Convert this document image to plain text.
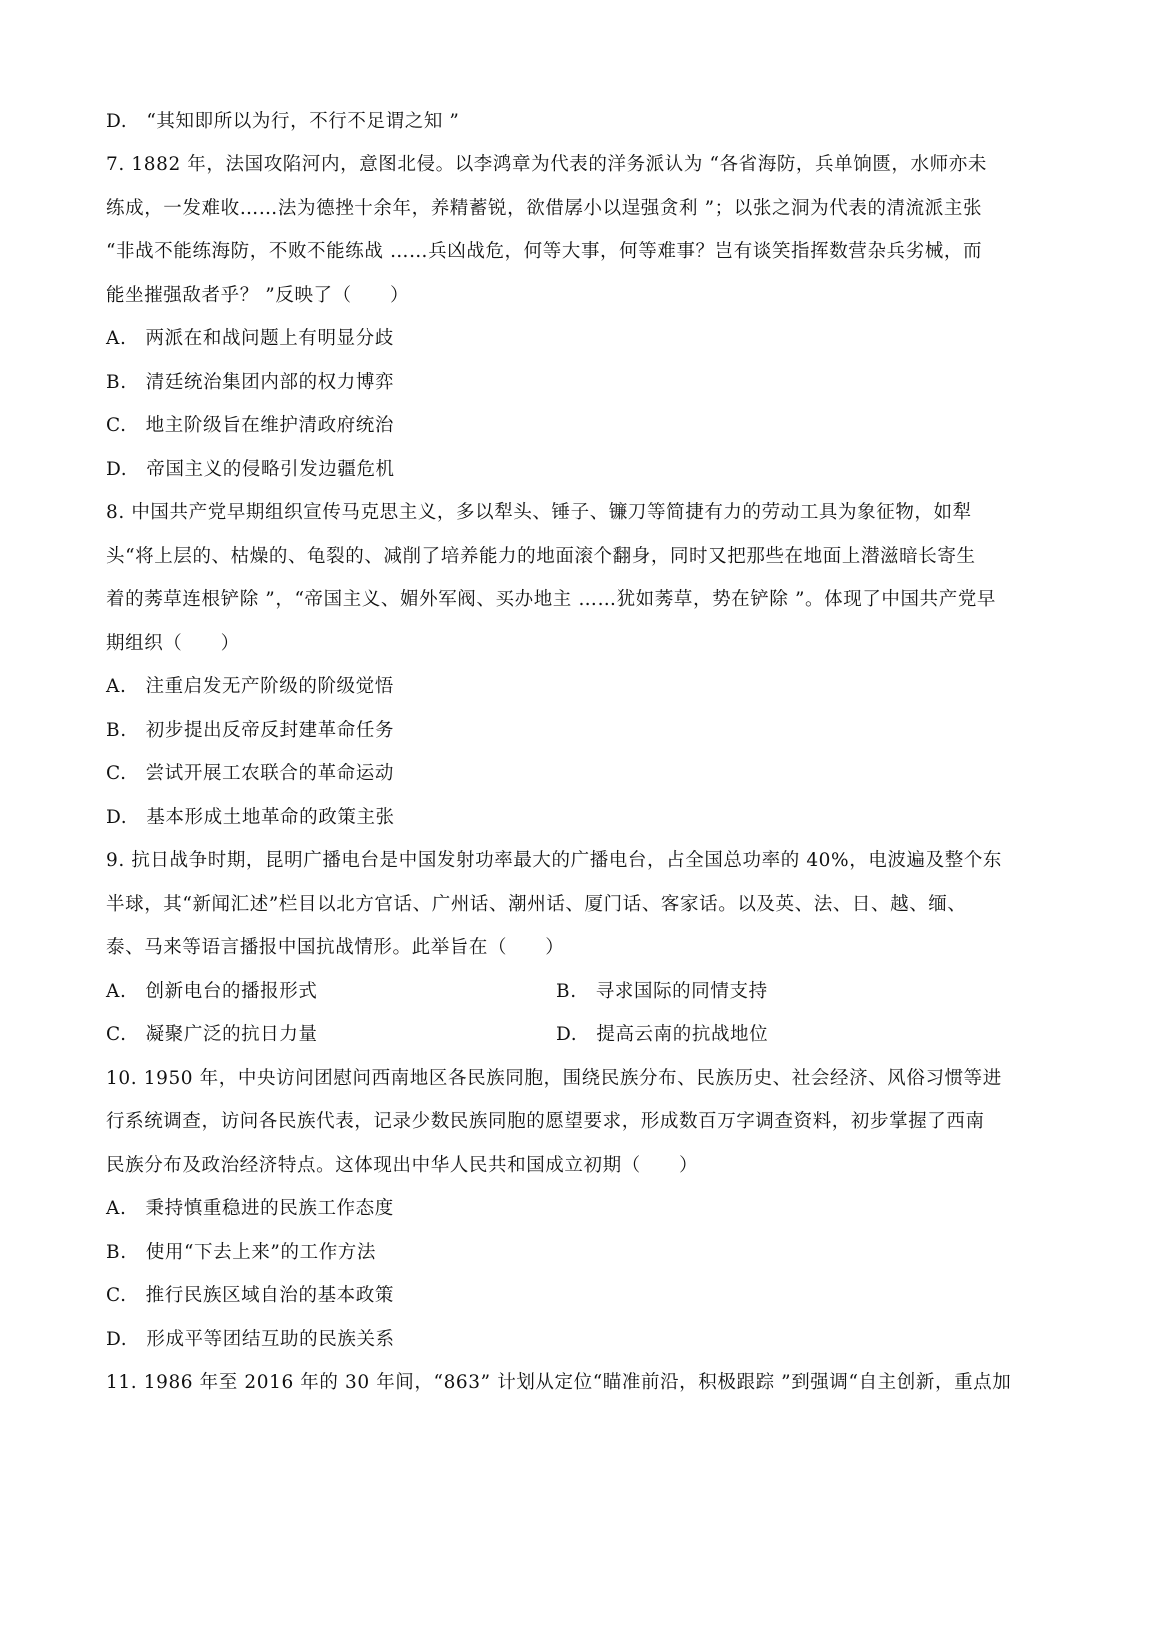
D.　“其知即所以为行，不行不足谓之知 ”
7. 1882 年，法国攻陷河内，意图北侵。以李鸿章为代表的洋务派认为 “各省海防，兵单饷匮，水师亦未
练成，一发难收……法为德挫十余年，养精蓄锐，欲借孱小以逞强贪利 ”；以张之洞为代表的清流派主张
“非战不能练海防，不败不能练战 ……兵凶战危，何等大事，何等难事？岂有谈笑指挥数营杂兵劣械，而
能坐摧强敌者乎？ ”反映了（　　）
A.　两派在和战问题上有明显分歧
B.　清廷统治集团内部的权力博弈
C.　地主阶级旨在维护清政府统治
D.　帝国主义的侵略引发边疆危机
8. 中国共产党早期组织宣传马克思主义，多以犁头、锤子、镰刀等简捷有力的劳动工具为象征物，如犁
头“将上层的、枯燥的、龟裂的、减削了培养能力的地面滚个翻身，同时又把那些在地面上潜滋暗长寄生
着的莠草连根铲除 ”，“帝国主义、媚外军阀、买办地主 ……犹如莠草，势在铲除 ”。体现了中国共产党早
期组织（　　）
A.　注重启发无产阶级的阶级觉悟
B.　初步提出反帝反封建革命任务
C.　尝试开展工农联合的革命运动
D.　基本形成土地革命的政策主张
9. 抗日战争时期，昆明广播电台是中国发射功率最大的广播电台，占全国总功率的 40%，电波遍及整个东
半球，其“新闻汇述”栏目以北方官话、广州话、潮州话、厦门话、客家话。以及英、法、日、越、缅、
泰、马来等语言播报中国抗战情形。此举旨在（　　）
A.　创新电台的播报形式	B.　寻求国际的同情支持
C.　凝聚广泛的抗日力量	D.　提高云南的抗战地位
10. 1950 年，中央访问团慰问西南地区各民族同胞，围绕民族分布、民族历史、社会经济、风俗习惯等进
行系统调查，访问各民族代表，记录少数民族同胞的愿望要求，形成数百万字调查资料，初步掌握了西南
民族分布及政治经济特点。这体现出中华人民共和国成立初期（　　）
A.　秉持慎重稳进的民族工作态度
B.　使用“下去上来”的工作方法
C.　推行民族区域自治的基本政策
D.　形成平等团结互助的民族关系
11. 1986 年至 2016 年的 30 年间，“863” 计划从定位“瞄准前沿，积极跟踪 ”到强调“自主创新，重点加
